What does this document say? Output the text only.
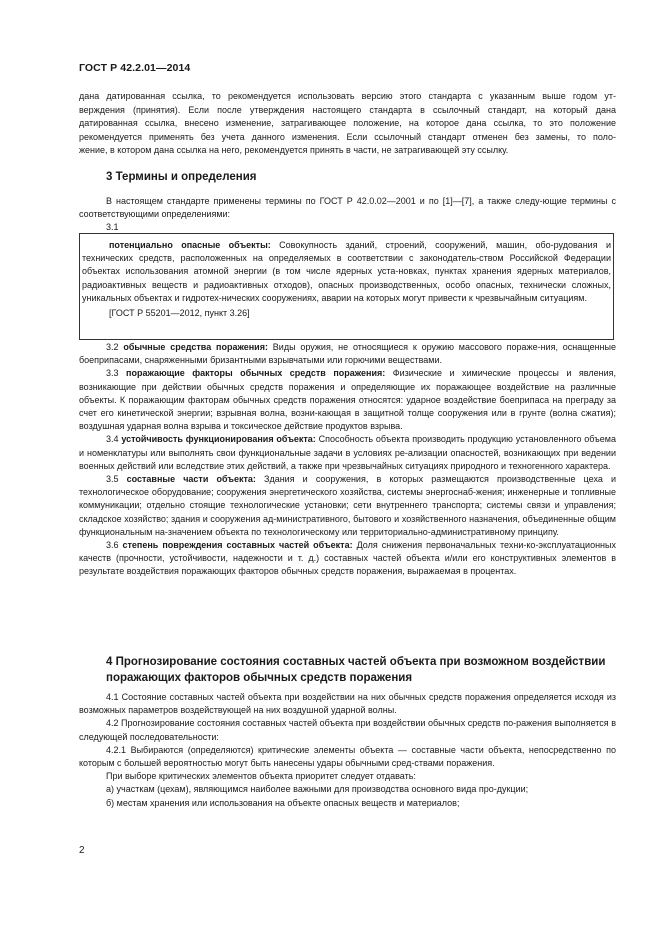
ГОСТ Р 42.2.01—2014
дана датированная ссылка, то рекомендуется использовать версию этого стандарта с указанным выше годом ут-
верждения (принятия). Если после утверждения настоящего стандарта в ссылочный стандарт, на который дана
датированная ссылка, внесено изменение, затрагивающее положение, на которое дана ссылка, то это положение
рекомендуется применять без учета данного изменения. Если ссылочный стандарт отменен без замены, то поло-
жение, в котором дана ссылка на него, рекомендуется принять в части, не затрагивающей эту ссылку.
3 Термины и определения
В настоящем стандарте применены термины по ГОСТ Р 42.0.02—2001 и по [1]—[7], а также следу-ющие термины с соответствующими определениями:
3.1
потенциально опасные объекты: Совокупность зданий, строений, сооружений, машин, обо-рудования и технических средств, расположенных на определяемых в соответствии с законодатель-ством Российской Федерации объектах использования атомной энергии (в том числе ядерных уста-новках, пунктах хранения ядерных материалов, радиоактивных веществ и радиоактивных отходов), опасных производственных, особо опасных, технически сложных, уникальных объектах и гидротех-нических сооружениях, аварии на которых могут привести к чрезвычайным ситуациям.
[ГОСТ Р 55201—2012, пункт 3.26]
3.2 обычные средства поражения: Виды оружия, не относящиеся к оружию массового пораже-ния, оснащенные боеприпасами, снаряженными бризантными взрывчатыми или горючими веществами.
3.3 поражающие факторы обычных средств поражения: Физические и химические процессы и явления, возникающие при действии обычных средств поражения и определяющие их поражающее воздействие на различные объекты. К поражающим факторам обычных средств поражения относятся: ударное воздействие боеприпаса на преграду за счет его кинетической энергии; взрывная волна, возни-кающая в защитной толще сооружения или в грунте (волна сжатия); воздушная ударная волна взрыва и токсическое действие продуктов взрыва.
3.4 устойчивость функционирования объекта: Способность объекта производить продукцию установленного объема и номенклатуры или выполнять свои функциональные задачи в условиях ре-ализации опасностей, возникающих при ведении военных действий или вследствие этих действий, а также при чрезвычайных ситуациях природного и техногенного характера.
3.5 составные части объекта: Здания и сооружения, в которых размещаются производственные цеха и технологическое оборудование; сооружения энергетического хозяйства, системы энергоснаб-жения; инженерные и топливные коммуникации; отдельно стоящие технологические установки; сети внутреннего транспорта; системы связи и управления; складское хозяйство; здания и сооружения ад-министративного, бытового и хозяйственного назначения, объединенные общим функциональным на-значением объекта по технологическому или территориально-административному принципу.
3.6 степень повреждения составных частей объекта: Доля снижения первоначальных техни-ко-эксплуатационных качеств (прочности, устойчивости, надежности и т. д.) составных частей объекта и/или его конструктивных элементов в результате воздействия поражающих факторов обычных средств поражения, выражаемая в процентах.
4 Прогнозирование состояния составных частей объекта при возможном воздействии поражающих факторов обычных средств поражения
4.1 Состояние составных частей объекта при воздействии на них обычных средств поражения определяется исходя из возможных параметров воздействующей на них воздушной ударной волны.
4.2 Прогнозирование состояния составных частей объекта при воздействии обычных средств по-ражения выполняется в следующей последовательности:
4.2.1 Выбираются (определяются) критические элементы объекта — составные части объекта, непосредственно по которым с большей вероятностью могут быть нанесены удары обычными сред-ствами поражения.
При выборе критических элементов объекта приоритет следует отдавать:
а) участкам (цехам), являющимся наиболее важными для производства основного вида про-дукции;
б) местам хранения или использования на объекте опасных веществ и материалов;
2
